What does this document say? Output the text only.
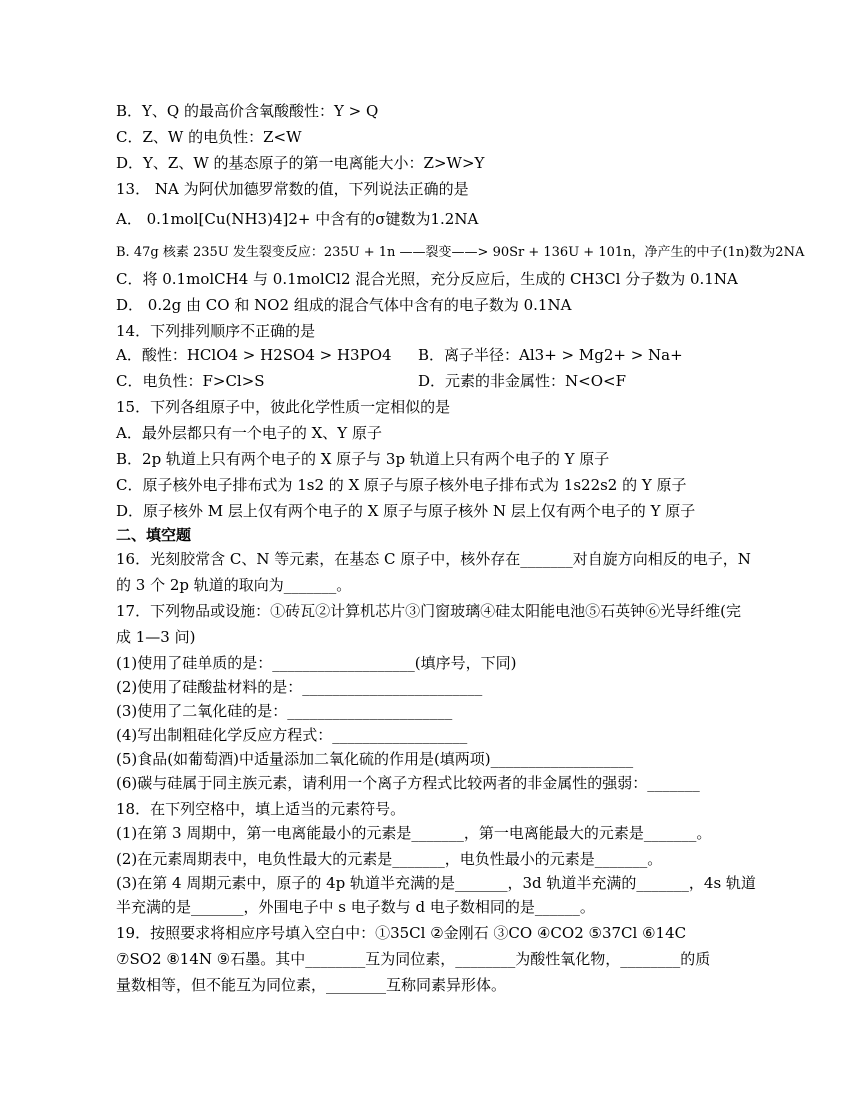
B．Y、Q 的最高价含氧酸酸性：Y > Q
C．Z、W 的电负性：Z<W
D．Y、Z、W 的基态原子的第一电离能大小：Z>W>Y
13． NA 为阿伏加德罗常数的值，下列说法正确的是
A． 0.1mol[Cu(NH3)4]2+ 中含有的σ键数为1.2NA
B. 47g 核素 235U 发生裂变反应：235U + 1n ——裂变——> 90Sr + 136U + 101n，净产生的中子(1n)数为2NA
C．将 0.1molCH4 与 0.1molCl2 混合光照，充分反应后，生成的 CH3Cl 分子数为 0.1NA
D． 0.2g 由 CO 和 NO2 组成的混合气体中含有的电子数为 0.1NA
14．下列排列顺序不正确的是
A．酸性：HClO4 > H2SO4 > H3PO4 B．离子半径：Al3+ > Mg2+ > Na+
C．电负性：F>Cl>S	D．元素的非金属性：N<O<F
15．下列各组原子中，彼此化学性质一定相似的是
A．最外层都只有一个电子的 X、Y 原子
B．2p 轨道上只有两个电子的 X 原子与 3p 轨道上只有两个电子的 Y 原子
C．原子核外电子排布式为 1s2 的 X 原子与原子核外电子排布式为 1s22s2 的 Y 原子
D．原子核外 M 层上仅有两个电子的 X 原子与原子核外 N 层上仅有两个电子的 Y 原子
二、填空题
16．光刻胶常含 C、N 等元素，在基态 C 原子中，核外存在_______对自旋方向相反的电子，N
的 3 个 2p 轨道的取向为_______。
17．下列物品或设施：①砖瓦②计算机芯片③门窗玻璃④硅太阳能电池⑤石英钟⑥光导纤维(完
成 1—3 问)
(1)使用了硅单质的是：___________________(填序号，下同)
(2)使用了硅酸盐材料的是：________________________
(3)使用了二氧化硅的是：______________________
(4)写出制粗硅化学反应方程式：__________________
(5)食品(如葡萄酒)中适量添加二氧化硫的作用是(填两项)___________________
(6)碳与硅属于同主族元素，请利用一个离子方程式比较两者的非金属性的强弱：_______
18．在下列空格中，填上适当的元素符号。
(1)在第 3 周期中，第一电离能最小的元素是_______，第一电离能最大的元素是_______。
(2)在元素周期表中，电负性最大的元素是_______，电负性最小的元素是_______。
(3)在第 4 周期元素中，原子的 4p 轨道半充满的是_______，3d 轨道半充满的_______，4s 轨道
半充满的是_______，外围电子中 s 电子数与 d 电子数相同的是______。
19．按照要求将相应序号填入空白中：①35Cl ②金刚石 ③CO ④CO2 ⑤37Cl ⑥14C
⑦SO2 ⑧14N ⑨石墨。其中________互为同位素，________为酸性氧化物，________的质
量数相等，但不能互为同位素，________互称同素异形体。
